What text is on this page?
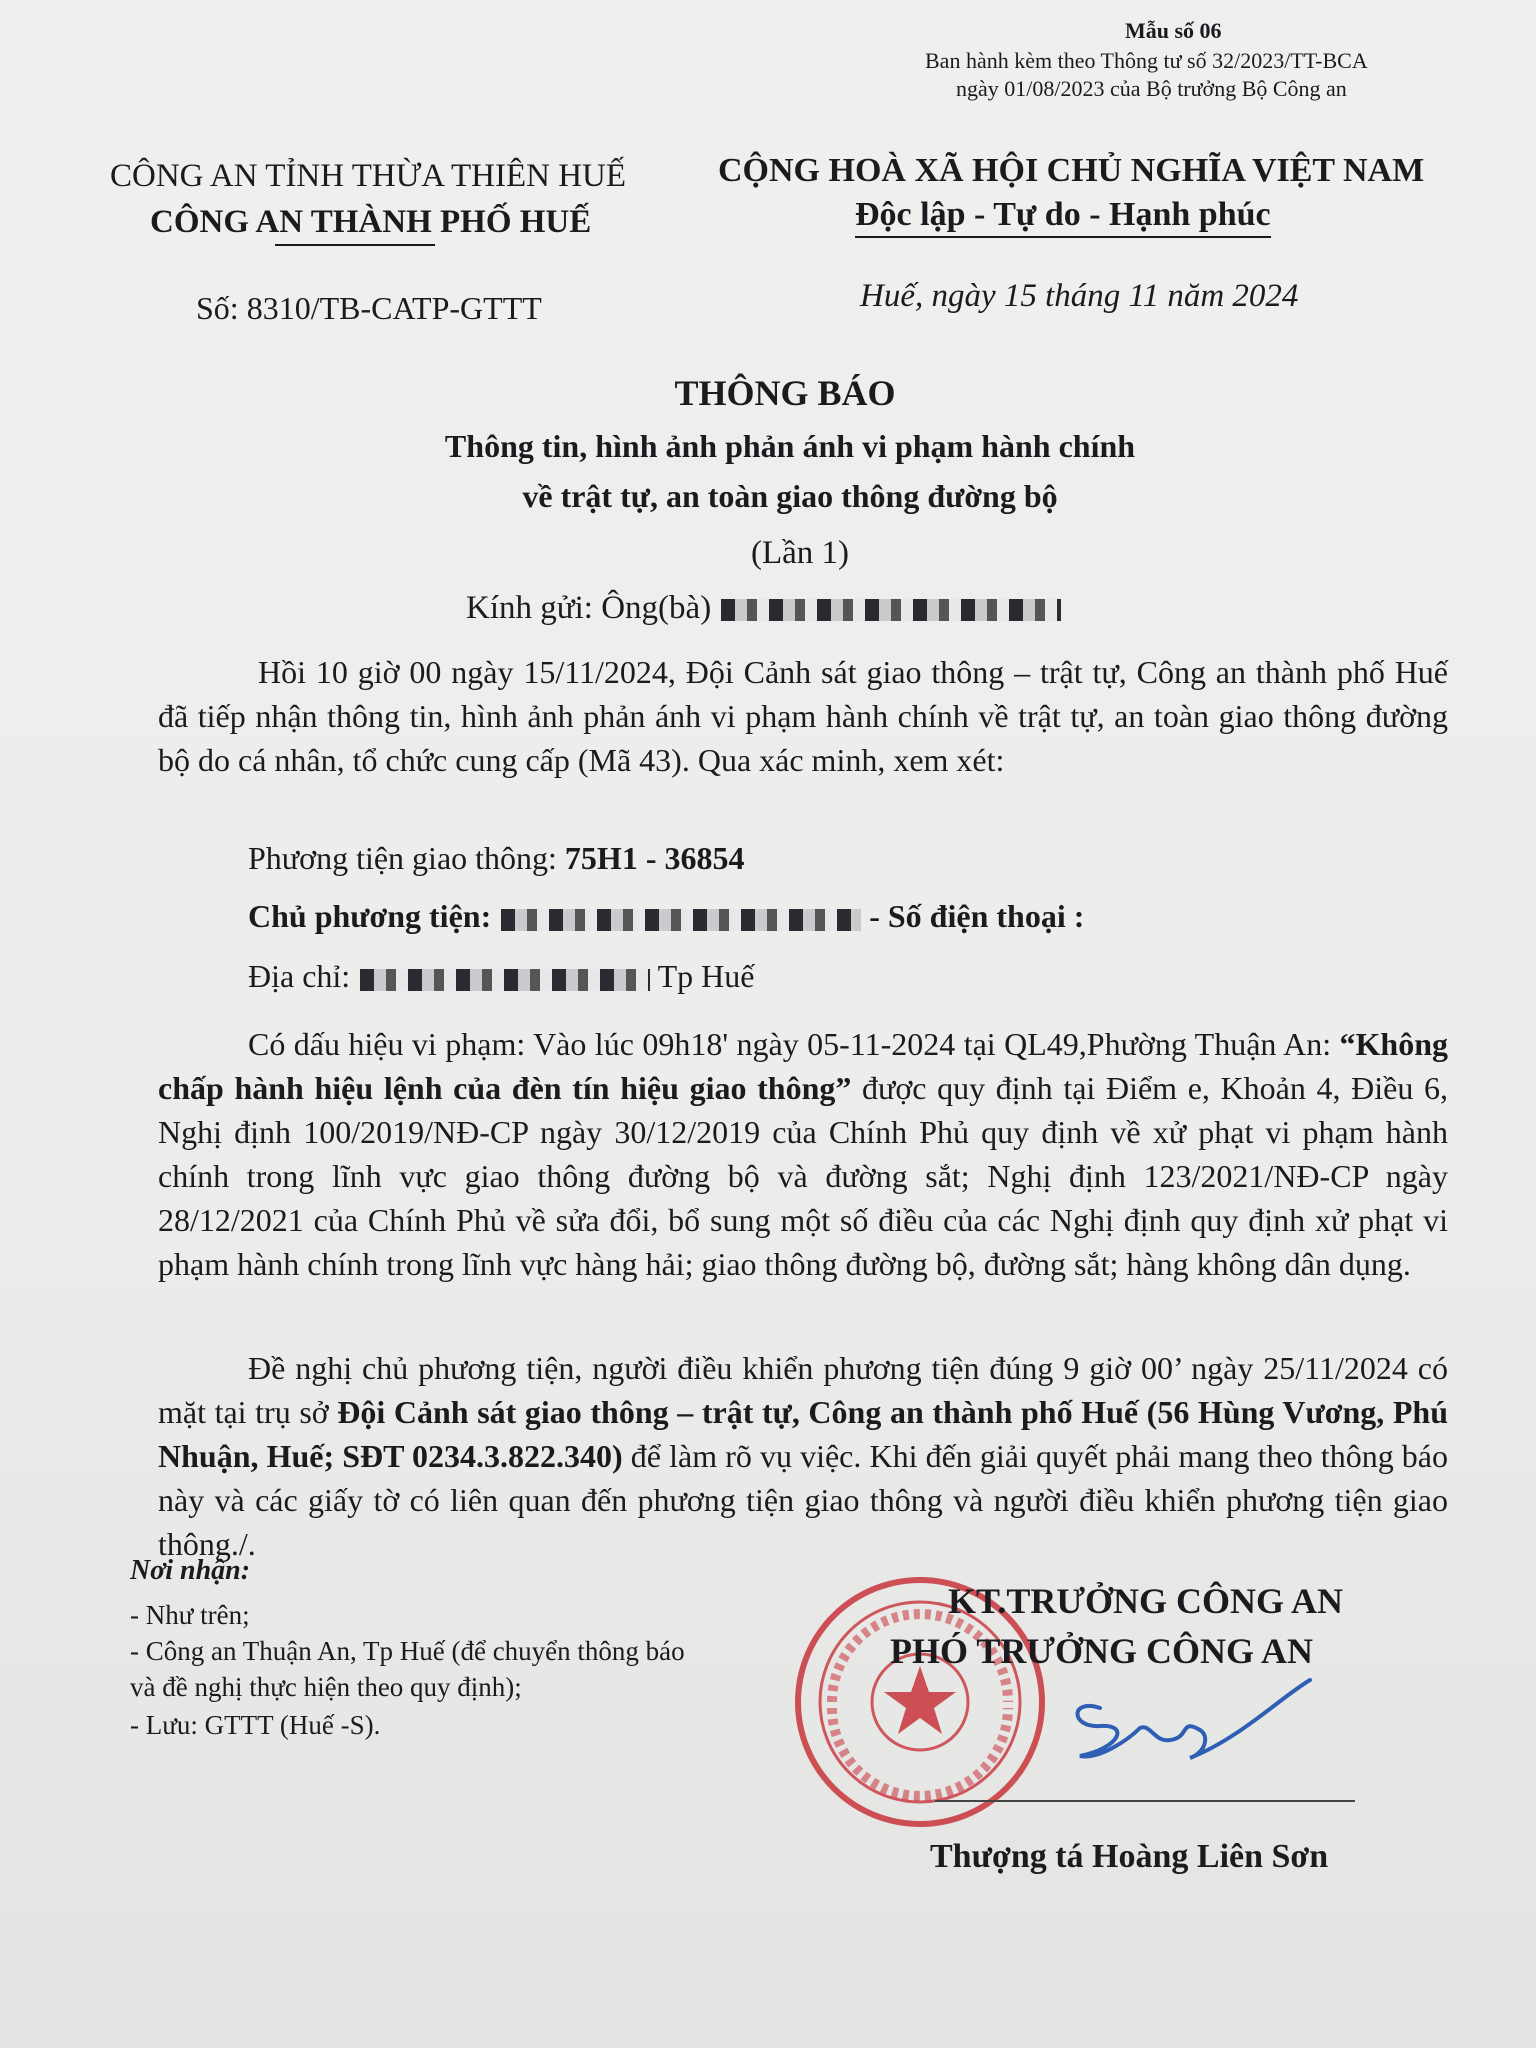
Mẫu số 06
Ban hành kèm theo Thông tư số 32/2023/TT-BCA
ngày 01/08/2023 của Bộ trưởng Bộ Công an
CÔNG AN TỈNH THỪA THIÊN HUẾ
CÔNG AN THÀNH PHỐ HUẾ
CỘNG HOÀ XÃ HỘI CHỦ NGHĨA VIỆT NAM
Độc lập - Tự do - Hạnh phúc
Số: 8310/TB-CATP-GTTT	Huế, ngày 15 tháng 11 năm 2024
THÔNG BÁO
Thông tin, hình ảnh phản ánh vi phạm hành chính
về trật tự, an toàn giao thông đường bộ
(Lần 1)
Kính gửi: Ông(bà)
Hồi 10 giờ 00 ngày 15/11/2024, Đội Cảnh sát giao thông – trật tự, Công an thành phố Huế đã tiếp nhận thông tin, hình ảnh phản ánh vi phạm hành chính về trật tự, an toàn giao thông đường bộ do cá nhân, tổ chức cung cấp (Mã 43). Qua xác minh, xem xét:
Phương tiện giao thông: 75H1 - 36854
Chủ phương tiện:	- Số điện thoại :
Địa chỉ:	Tp Huế
Có dấu hiệu vi phạm: Vào lúc 09h18' ngày 05-11-2024 tại QL49,Phường Thuận An: “Không chấp hành hiệu lệnh của đèn tín hiệu giao thông” được quy định tại Điểm e, Khoản 4, Điều 6, Nghị định 100/2019/NĐ-CP ngày 30/12/2019 của Chính Phủ quy định về xử phạt vi phạm hành chính trong lĩnh vực giao thông đường bộ và đường sắt; Nghị định 123/2021/NĐ-CP ngày 28/12/2021 của Chính Phủ về sửa đổi, bổ sung một số điều của các Nghị định quy định xử phạt vi phạm hành chính trong lĩnh vực hàng hải; giao thông đường bộ, đường sắt; hàng không dân dụng.
Đề nghị chủ phương tiện, người điều khiển phương tiện đúng 9 giờ 00’ ngày 25/11/2024 có mặt tại trụ sở Đội Cảnh sát giao thông – trật tự, Công an thành phố Huế (56 Hùng Vương, Phú Nhuận, Huế; SĐT 0234.3.822.340) để làm rõ vụ việc. Khi đến giải quyết phải mang theo thông báo này và các giấy tờ có liên quan đến phương tiện giao thông và người điều khiển phương tiện giao thông./.
Nơi nhận:
- Như trên;
- Công an Thuận An, Tp Huế (để chuyển thông báo
và đề nghị thực hiện theo quy định);
- Lưu: GTTT (Huế -S).
KT.TRƯỞNG CÔNG AN
PHÓ TRƯỞNG CÔNG AN
Thượng tá Hoàng Liên Sơn
